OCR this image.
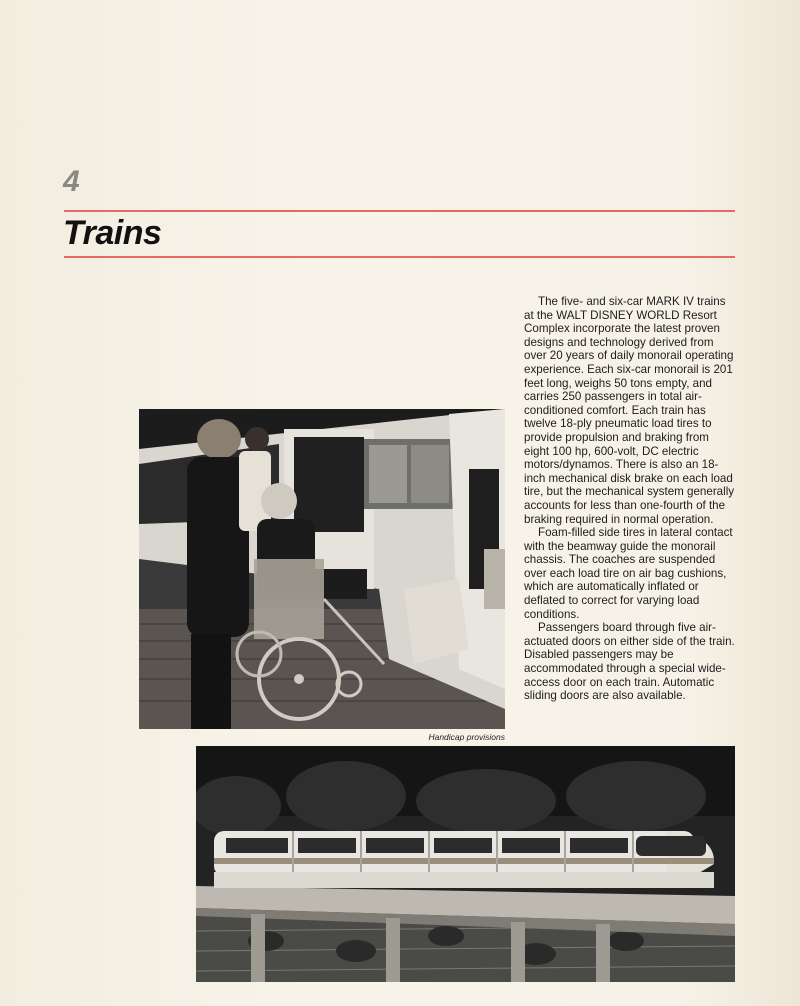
4
Trains

The five- and six-car MARK IV trains at the WALT DISNEY WORLD Resort Complex incorporate the latest proven designs and technology derived from over 20 years of daily monorail operating experience. Each six-car monorail is 201 feet long, weighs 50 tons empty, and carries 250 passengers in total air-conditioned comfort. Each train has twelve 18-ply pneumatic load tires to provide propulsion and braking from eight 100 hp, 600-volt, DC electric motors/dynamos. There is also an 18-inch mechanical disk brake on each load tire, but the mechanical system generally accounts for less than one-fourth of the braking required in normal operation.

Foam-filled side tires in lateral contact with the beamway guide the monorail chassis. The coaches are suspended over each load tire on air bag cushions, which are automatically inflated or deflated to correct for varying load conditions.

Passengers board through five air-actuated doors on either side of the train. Disabled passengers may be accommodated through a special wide-access door on each train. Automatic sliding doors are also available.

Handicap provisions
